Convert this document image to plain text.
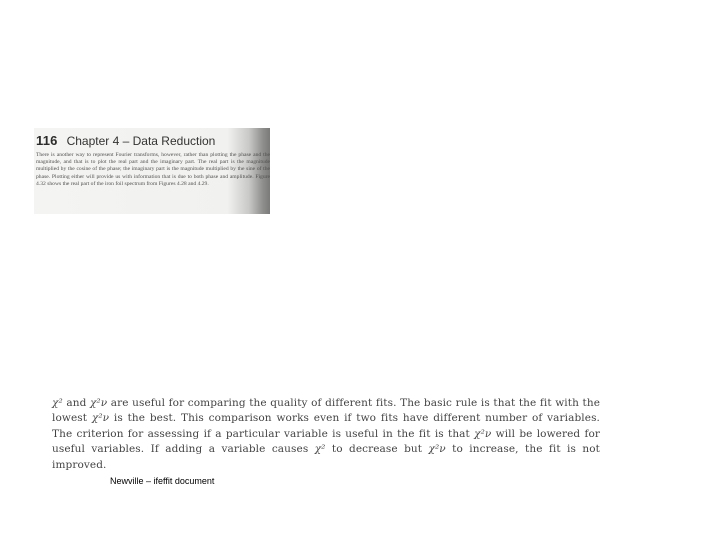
116 Chapter 4 – Data Reduction

There is another way to represent Fourier transforms, however, rather than plotting the phase and the magnitude, and that is to plot the real part and the imaginary part. The real part is the magnitude multiplied by the cosine of the phase; the imaginary part is the magnitude multiplied by the sine of the phase. Plotting either will provide us with information that is due to both phase and amplitude. Figure 4.32 shows the real part of the iron foil spectrum from Figures 4.28 and 4.29.

χ² and χ²ν are useful for comparing the quality of different fits. The basic rule is that the fit with the lowest χ²ν is the best. This comparison works even if two fits have different number of variables. The criterion for assessing if a particular variable is useful in the fit is that χ²ν will be lowered for useful variables. If adding a variable causes χ² to decrease but χ²ν to increase, the fit is not improved.

Newville – ifeffit document
